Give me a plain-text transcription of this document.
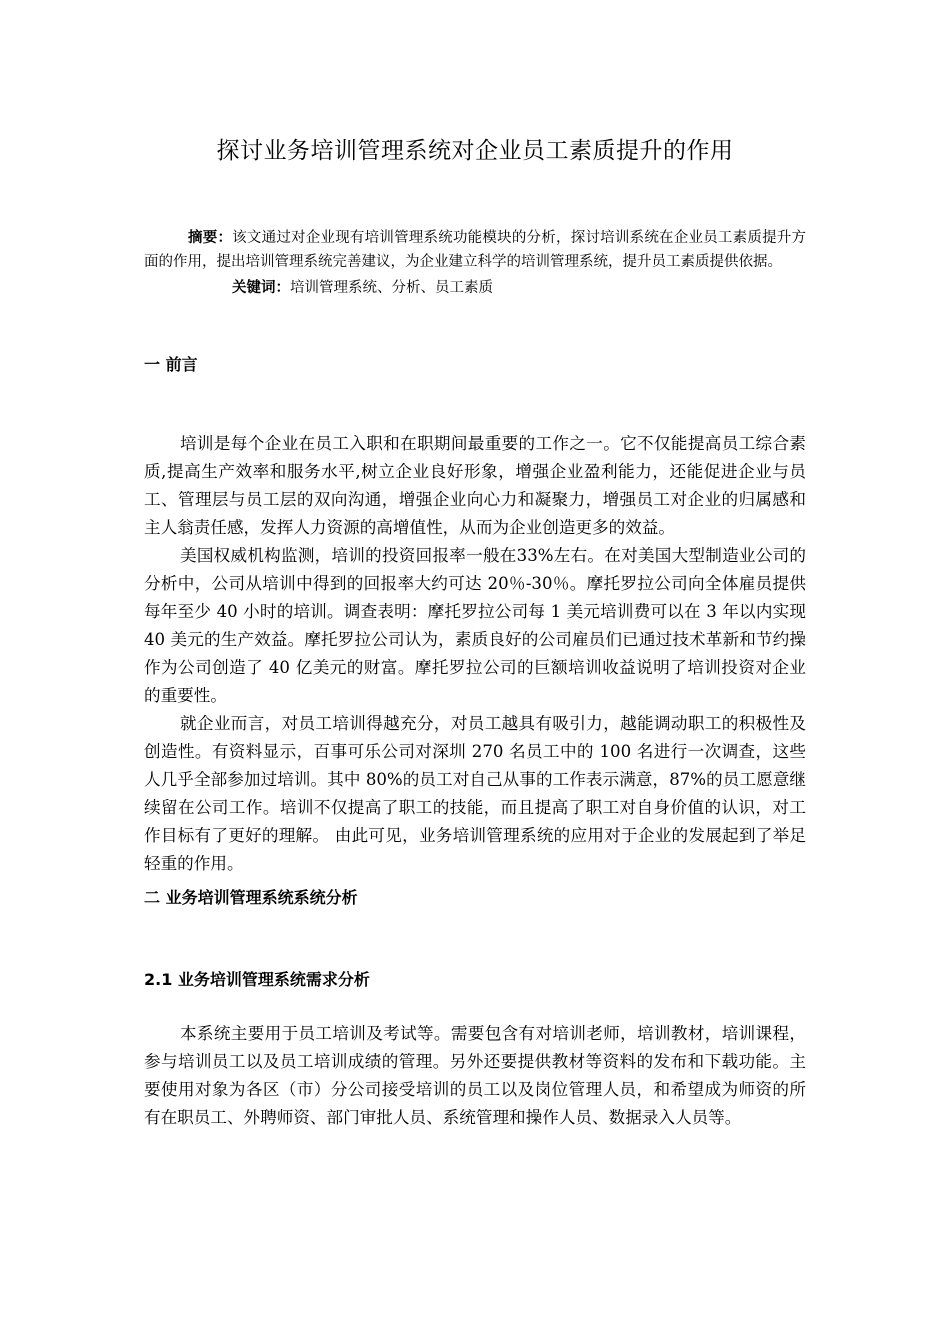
探讨业务培训管理系统对企业员工素质提升的作用

摘要：该文通过对企业现有培训管理系统功能模块的分析，探讨培训系统在企业员工素质提升方面的作用，提出培训管理系统完善建议，为企业建立科学的培训管理系统，提升员工素质提供依据。

关键词：培训管理系统、分析、员工素质

一 前言

培训是每个企业在员工入职和在职期间最重要的工作之一。它不仅能提高员工综合素质,提高生产效率和服务水平,树立企业良好形象，增强企业盈利能力，还能促进企业与员工、管理层与员工层的双向沟通，增强企业向心力和凝聚力，增强员工对企业的归属感和主人翁责任感，发挥人力资源的高增值性，从而为企业创造更多的效益。

美国权威机构监测，培训的投资回报率一般在33%左右。在对美国大型制造业公司的分析中，公司从培训中得到的回报率大约可达 20％-30％。摩托罗拉公司向全体雇员提供每年至少 40 小时的培训。调查表明：摩托罗拉公司每 1 美元培训费可以在 3 年以内实现 40 美元的生产效益。摩托罗拉公司认为，素质良好的公司雇员们已通过技术革新和节约操作为公司创造了 40 亿美元的财富。摩托罗拉公司的巨额培训收益说明了培训投资对企业的重要性。

就企业而言，对员工培训得越充分，对员工越具有吸引力，越能调动职工的积极性及创造性。有资料显示，百事可乐公司对深圳 270 名员工中的 100 名进行一次调查，这些人几乎全部参加过培训。其中 80%的员工对自己从事的工作表示满意，87%的员工愿意继续留在公司工作。培训不仅提高了职工的技能，而且提高了职工对自身价值的认识，对工作目标有了更好的理解。 由此可见，业务培训管理系统的应用对于企业的发展起到了举足轻重的作用。

二 业务培训管理系统系统分析
2.1 业务培训管理系统需求分析

本系统主要用于员工培训及考试等。需要包含有对培训老师，培训教材，培训课程，参与培训员工以及员工培训成绩的管理。另外还要提供教材等资料的发布和下载功能。主要使用对象为各区（市）分公司接受培训的员工以及岗位管理人员，和希望成为师资的所有在职员工、外聘师资、部门审批人员、系统管理和操作人员、数据录入人员等。
